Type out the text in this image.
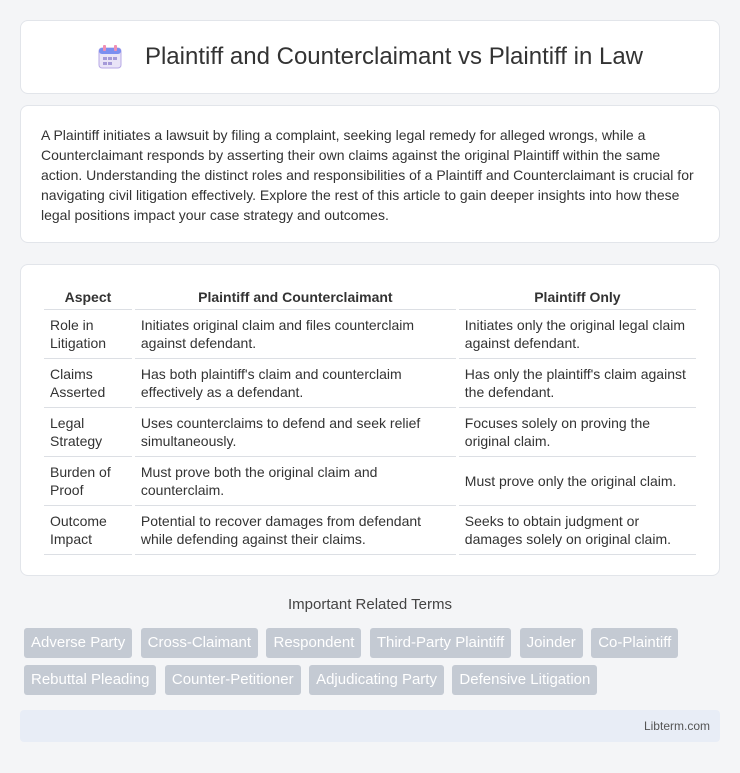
Plaintiff and Counterclaimant vs Plaintiff in Law

A Plaintiff initiates a lawsuit by filing a complaint, seeking legal remedy for alleged wrongs, while a Counterclaimant responds by asserting their own claims against the original Plaintiff within the same action. Understanding the distinct roles and responsibilities of a Plaintiff and Counterclaimant is crucial for navigating civil litigation effectively. Explore the rest of this article to gain deeper insights into how these legal positions impact your case strategy and outcomes.

Aspect	Plaintiff and Counterclaimant	Plaintiff Only
Role in Litigation	Initiates original claim and files counterclaim against defendant.	Initiates only the original legal claim against defendant.
Claims Asserted	Has both plaintiff's claim and counterclaim effectively as a defendant.	Has only the plaintiff's claim against the defendant.
Legal Strategy	Uses counterclaims to defend and seek relief simultaneously.	Focuses solely on proving the original claim.
Burden of Proof	Must prove both the original claim and counterclaim.	Must prove only the original claim.
Outcome Impact	Potential to recover damages from defendant while defending against their claims.	Seeks to obtain judgment or damages solely on original claim.
Important Related Terms
Adverse Party Cross-Claimant Respondent Third-Party Plaintiff Joinder Co-Plaintiff Rebuttal Pleading Counter-Petitioner Adjudicating Party Defensive Litigation
Libterm.com
